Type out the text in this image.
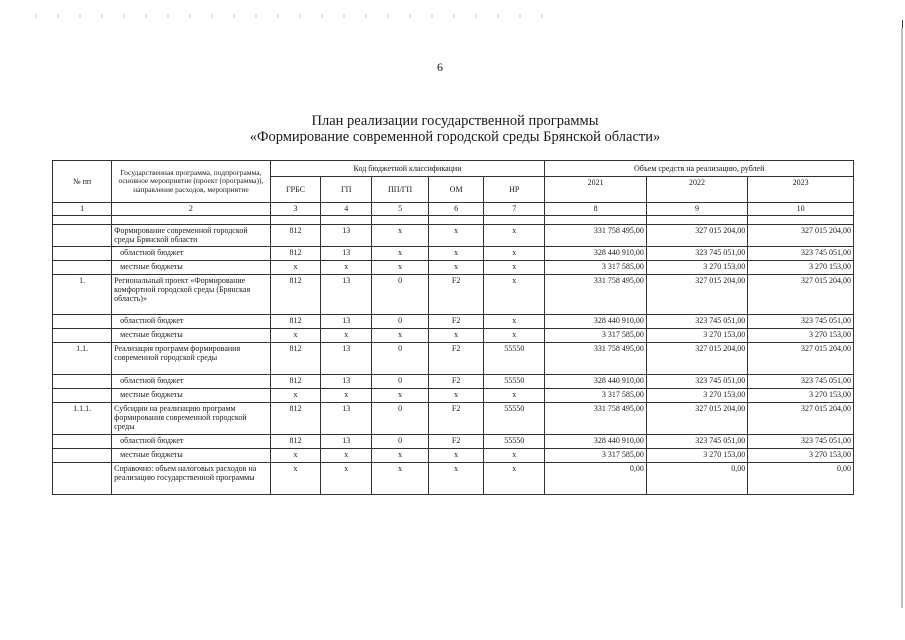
6
План реализации государственной программы
«Формирование современной городской среды Брянской области»
№ пп	Государственная программа, подпрограмма, основное мероприятие (проект (программа)), направление расходов, мероприятие	Код бюджетной классификации					Объем средств на реализацию, рублей		
		ГРБС	ГП	ПП/ГП	ОМ	НР	2021	2022	2023
1	2	3	4	5	6	7	8	9	10

	Формирование современной городской среды Брянской области	812	13	х	х	х	331 758 495,00	327 015 204,00	327 015 204,00
	областной бюджет	812	13	х	х	х	328 440 910,00	323 745 051,00	323 745 051,00
	местные бюджеты	х	х	х	х	х	3 317 585,00	3 270 153,00	3 270 153,00
1.	Региональный проект «Формирование комфортной городской среды (Брянская область)»	812	13	0	F2	х	331 758 495,00	327 015 204,00	327 015 204,00
	областной бюджет	812	13	0	F2	х	328 440 910,00	323 745 051,00	323 745 051,00
	местные бюджеты	х	х	х	х	х	3 317 585,00	3 270 153,00	3 270 153,00
1.1.	Реализация программ формирования современной городской среды	812	13	0	F2	55550	331 758 495,00	327 015 204,00	327 015 204,00
	областной бюджет	812	13	0	F2	55550	328 440 910,00	323 745 051,00	323 745 051,00
	местные бюджеты	х	х	х	х	х	3 317 585,00	3 270 153,00	3 270 153,00
1.1.1.	Субсидии на реализацию программ формирования современной городской среды	812	13	0	F2	55550	331 758 495,00	327 015 204,00	327 015 204,00
	областной бюджет	812	13	0	F2	55550	328 440 910,00	323 745 051,00	323 745 051,00
	местные бюджеты	х	х	х	х	х	3 317 585,00	3 270 153,00	3 270 153,00
	Справочно: объем налоговых расходов на реализацию государственной программы	х	х	х	х	х	0,00	0,00	0,00
